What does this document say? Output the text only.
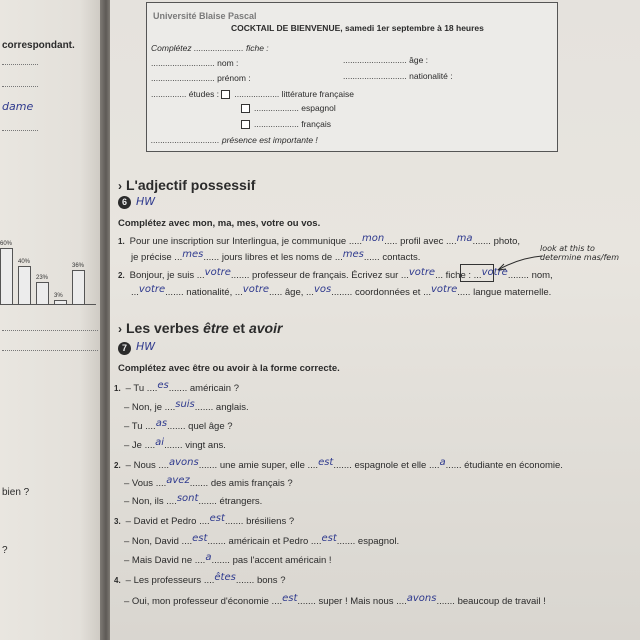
correspondant.
dame
60%
40%
23%
3%
36%
bien ?
?
Université Blaise Pascal
COCKTAIL DE BIENVENUE, samedi 1er septembre à 18 heures
Complétez ..................... fiche :
........................... nom :	........................... âge :
........................... prénom :	........................... nationalité :
............... études : ................... littérature française
................... espagnol
................... français
............................. présence est importante !
› L'adjectif possessif
6 HW
Complétez avec mon, ma, mes, votre ou vos.
1. Pour une inscription sur Interlingua, je communique .....mon..... profil avec ....ma....... photo,
je précise ...mes...... jours libres et les noms de ...mes...... contacts.
2. Bonjour, je suis ...votre....... professeur de français. Écrivez sur ...votre... fiche : ...votre........ nom,
...votre....... nationalité, ...votre..... âge, ...vos........ coordonnées et ...votre..... langue maternelle.
look at this to
determine mas/fem
› Les verbes être et avoir
7 HW
Complétez avec être ou avoir à la forme correcte.
1. – Tu ....es....... américain ?
– Non, je ....suis....... anglais.
– Tu ....as....... quel âge ?
– Je ....ai....... vingt ans.
2. – Nous ....avons....... une amie super, elle ....est....... espagnole et elle ....a...... étudiante en économie.
– Vous ....avez....... des amis français ?
– Non, ils ....sont....... étrangers.
3. – David et Pedro ....est....... brésiliens ?
– Non, David ....est....... américain et Pedro ....est....... espagnol.
– Mais David ne ....a....... pas l'accent américain !
4. – Les professeurs ....êtes....... bons ?
– Oui, mon professeur d'économie ....est....... super ! Mais nous ....avons....... beaucoup de travail !
